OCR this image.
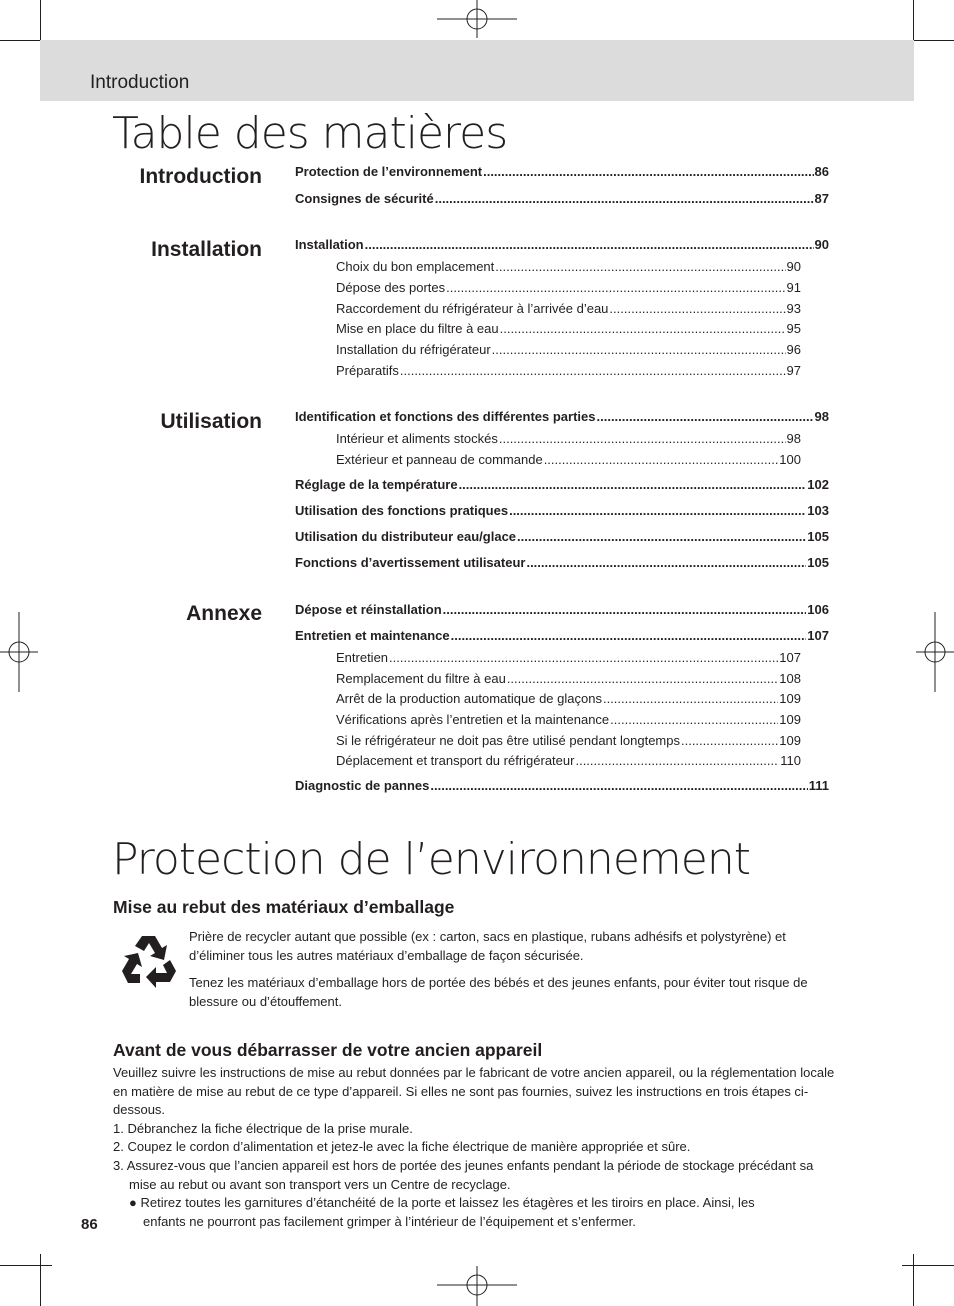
Introduction
Table des matières
Introduction
Installation
Utilisation
Annexe
Protection de l’environnement .....	86
Consignes de sécurité .....	87
Installation .....	90
Choix du bon emplacement .....	90
Dépose des portes .....	91
Raccordement du réfrigérateur à l’arrivée d’eau .....	93
Mise en place du filtre à eau .....	95
Installation du réfrigérateur .....	96
Préparatifs .....	97
Identification et fonctions des différentes parties .....	98
Intérieur et aliments stockés .....	98
Extérieur et panneau de commande .....	100
Réglage de la température .....	102
Utilisation des fonctions pratiques .....	103
Utilisation du distributeur eau/glace .....	105
Fonctions d’avertissement utilisateur .....	105
Dépose et réinstallation .....	106
Entretien et maintenance .....	107
Entretien .....	107
Remplacement du filtre à eau .....	108
Arrêt de la production automatique de glaçons .....	109
Vérifications après l’entretien et la maintenance .....	109
Si le réfrigérateur ne doit pas être utilisé pendant longtemps .....	109
Déplacement et transport du réfrigérateur .....	110
Diagnostic de pannes .....	111
Protection de l’environnement
Mise au rebut des matériaux d’emballage
Prière de recycler autant que possible (ex : carton, sacs en plastique, rubans adhésifs et polystyrène) et d’éliminer tous les autres matériaux d’emballage de façon sécurisée.
Tenez les matériaux d’emballage hors de portée des bébés et des jeunes enfants, pour éviter tout risque de blessure ou d’étouffement.
Avant de vous débarrasser de votre ancien appareil
Veuillez suivre les instructions de mise au rebut données par le fabricant de votre ancien appareil, ou la réglementation locale en matière de mise au rebut de ce type d’appareil. Si elles ne sont pas fournies, suivez les instructions en trois étapes ci-dessous.
1. Débranchez la fiche électrique de la prise murale.
2. Coupez le cordon d’alimentation et jetez-le avec la fiche électrique de manière appropriée et sûre.
3. Assurez-vous que l’ancien appareil est hors de portée des jeunes enfants pendant la période de stockage précédant sa mise au rebut ou avant son transport vers un Centre de recyclage.
● Retirez toutes les garnitures d’étanchéité de la porte et laissez les étagères et les tiroirs en place. Ainsi, les enfants ne pourront pas facilement grimper à l’intérieur de l’équipement et s’enfermer.
86
